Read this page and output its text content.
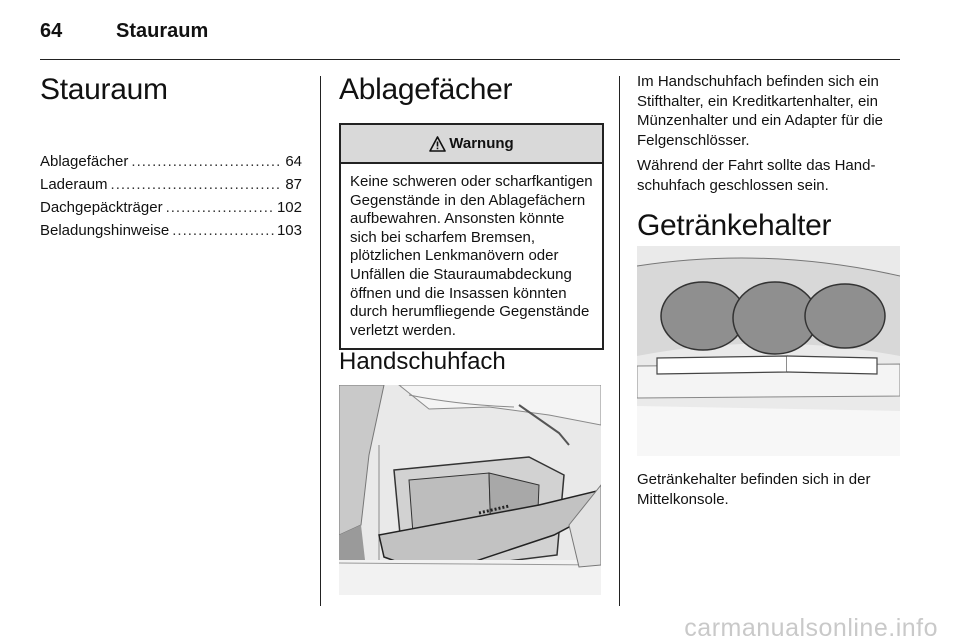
64	Stauraum
Stauraum
Ablagefächer .....	64
Laderaum .....	87
Dachgepäckträger .....	102
Beladungshinweise .....	103
Ablagefächer
Warnung
Keine schweren oder scharfkantigen Gegenstände in den Ablagefächern aufbewahren. Ansonsten könnte sich bei scharfem Bremsen, plötzlichen Lenkmanövern oder Unfällen die Stauraumabdeckung öffnen und die Insassen könnten durch herumfliegende Gegenstände verletzt werden.
Handschuhfach

Im Handschuhfach befinden sich ein Stifthalter, ein Kreditkartenhalter, ein Münzenhalter und ein Adapter für die Felgenschlösser.

Während der Fahrt sollte das Handschuhfach geschlossen sein.

Getränkehalter

Getränkehalter befinden sich in der Mittelkonsole.

carmanualsonline.info
